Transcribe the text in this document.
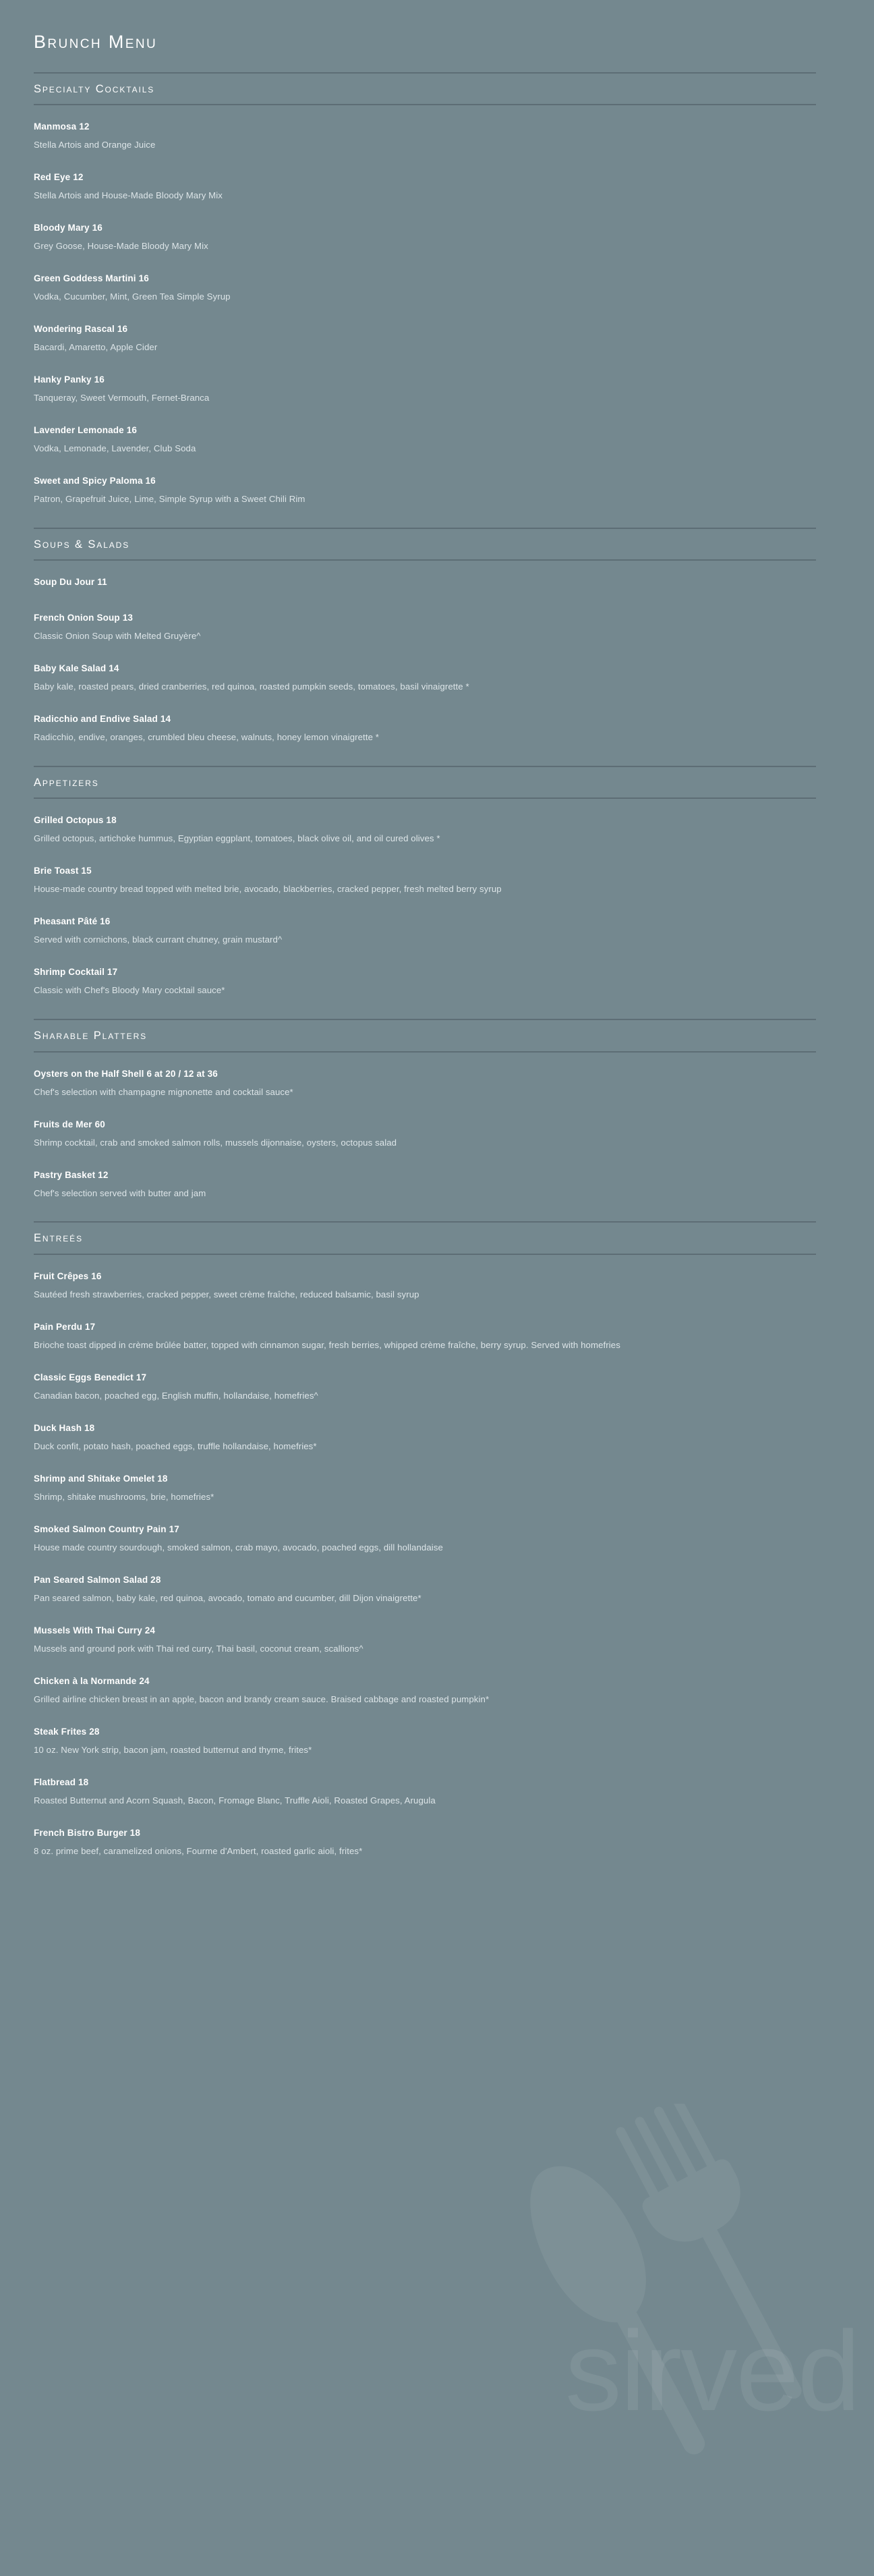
sirved
Brunch Menu
Specialty Cocktails
Manmosa 12
Stella Artois and Orange Juice
Red Eye 12
Stella Artois and House-Made Bloody Mary Mix
Bloody Mary 16
Grey Goose, House-Made Bloody Mary Mix
Green Goddess Martini 16
Vodka, Cucumber, Mint, Green Tea Simple Syrup
Wondering Rascal 16
Bacardi, Amaretto, Apple Cider
Hanky Panky 16
Tanqueray, Sweet Vermouth, Fernet-Branca
Lavender Lemonade 16
Vodka, Lemonade, Lavender, Club Soda
Sweet and Spicy Paloma 16
Patron, Grapefruit Juice, Lime, Simple Syrup with a Sweet Chili Rim
Soups & Salads
Soup Du Jour 11
French Onion Soup 13
Classic Onion Soup with Melted Gruyère^
Baby Kale Salad 14
Baby kale, roasted pears, dried cranberries, red quinoa, roasted pumpkin seeds, tomatoes, basil vinaigrette *
Radicchio and Endive Salad 14
Radicchio, endive, oranges, crumbled bleu cheese, walnuts, honey lemon vinaigrette *
Appetizers
Grilled Octopus 18
Grilled octopus, artichoke hummus, Egyptian eggplant, tomatoes, black olive oil, and oil cured olives *
Brie Toast 15
House-made country bread topped with melted brie, avocado, blackberries, cracked pepper, fresh melted berry syrup
Pheasant Pâté 16
Served with cornichons, black currant chutney, grain mustard^
Shrimp Cocktail 17
Classic with Chef's Bloody Mary cocktail sauce*
Sharable Platters
Oysters on the Half Shell 6 at 20 / 12 at 36
Chef's selection with champagne mignonette and cocktail sauce*
Fruits de Mer 60
Shrimp cocktail, crab and smoked salmon rolls, mussels dijonnaise, oysters, octopus salad
Pastry Basket 12
Chef's selection served with butter and jam
Entreés
Fruit Crêpes 16
Sautéed fresh strawberries, cracked pepper, sweet crème fraîche, reduced balsamic, basil syrup
Pain Perdu 17
Brioche toast dipped in crème brûlée batter, topped with cinnamon sugar, fresh berries, whipped crème fraîche, berry syrup. Served with homefries
Classic Eggs Benedict 17
Canadian bacon, poached egg, English muffin, hollandaise, homefries^
Duck Hash 18
Duck confit, potato hash, poached eggs, truffle hollandaise, homefries*
Shrimp and Shitake Omelet 18
Shrimp, shitake mushrooms, brie, homefries*
Smoked Salmon Country Pain 17
House made country sourdough, smoked salmon, crab mayo, avocado, poached eggs, dill hollandaise
Pan Seared Salmon Salad 28
Pan seared salmon, baby kale, red quinoa, avocado, tomato and cucumber, dill Dijon vinaigrette*
Mussels With Thai Curry 24
Mussels and ground pork with Thai red curry, Thai basil, coconut cream, scallions^
Chicken à la Normande 24
Grilled airline chicken breast in an apple, bacon and brandy cream sauce. Braised cabbage and roasted pumpkin*
Steak Frites 28
10 oz. New York strip, bacon jam, roasted butternut and thyme, frites*
Flatbread 18
Roasted Butternut and Acorn Squash, Bacon, Fromage Blanc, Truffle Aioli, Roasted Grapes, Arugula
French Bistro Burger 18
8 oz. prime beef, caramelized onions, Fourme d'Ambert, roasted garlic aioli, frites*
